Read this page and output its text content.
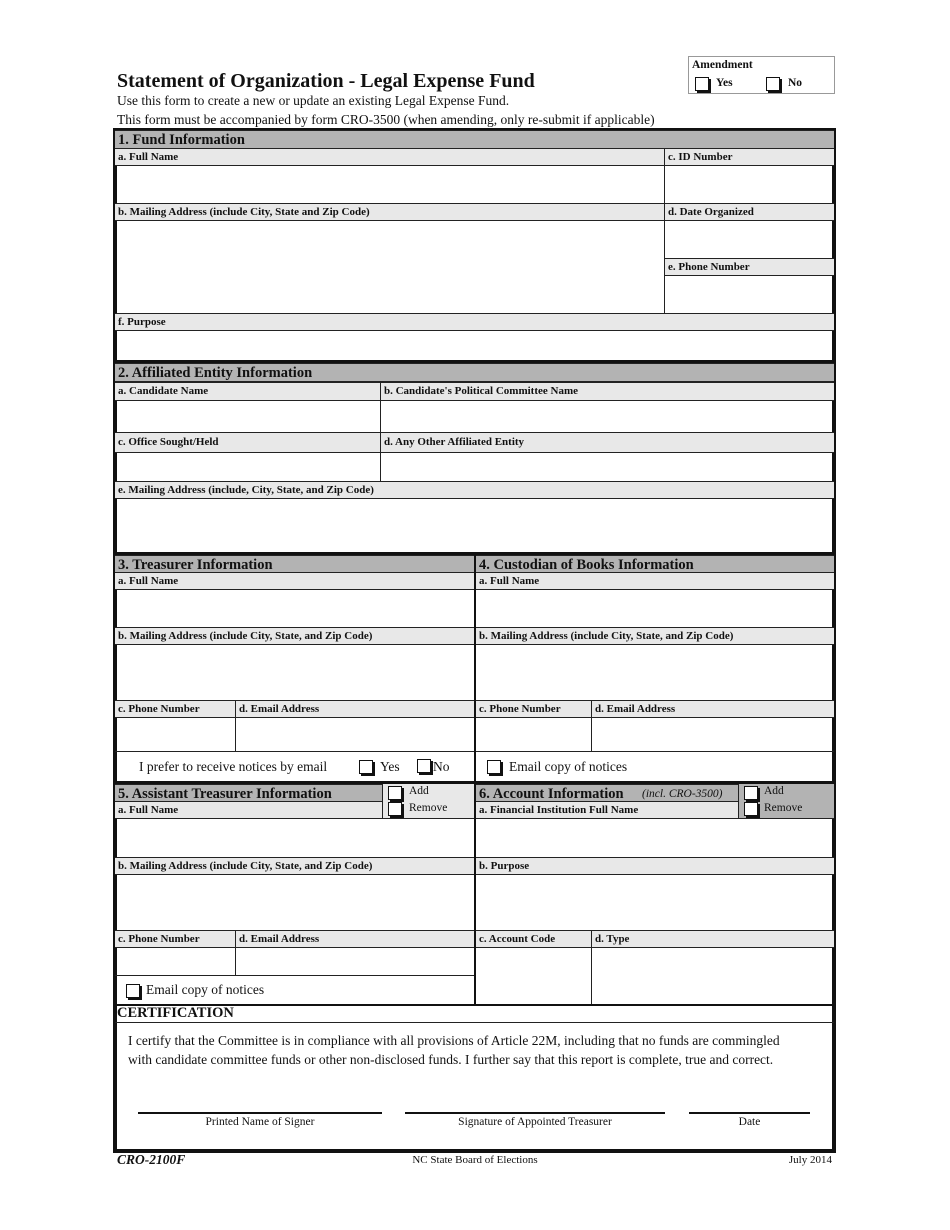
Statement of Organization - Legal Expense Fund
Use this form to create a new or update an existing Legal Expense Fund.
This form must be accompanied by form CRO-3500 (when amending, only re-submit if applicable)
Amendment
Yes	No
1. Fund Information
a. Full Name	c. ID Number
b. Mailing Address (include City, State and Zip Code)	d. Date Organized
e. Phone Number
f. Purpose
2. Affiliated Entity Information
a. Candidate Name	b. Candidate's Political Committee Name
c. Office Sought/Held	d. Any Other Affiliated Entity
e. Mailing Address (include, City, State, and Zip Code)
3. Treasurer Information	4. Custodian of Books Information
a. Full Name	a. Full Name
b. Mailing Address (include City, State, and Zip Code)	b. Mailing Address (include City, State, and Zip Code)
c. Phone Number	d. Email Address	c. Phone Number	d. Email Address
I prefer to receive notices by email	Yes No	Email copy of notices
5. Assistant Treasurer Information	Add
Remove
a. Full Name
6. Account Information (incl. CRO-3500)	Add
Remove
a. Financial Institution Full Name
b. Mailing Address (include City, State, and Zip Code)	b. Purpose
c. Phone Number	d. Email Address	c. Account Code	d. Type
Email copy of notices
CERTIFICATION
I certify that the Committee is in compliance with all provisions of Article 22M, including that no funds are commingled
with candidate committee funds or other non-disclosed funds. I further say that this report is complete, true and correct.
Printed Name of Signer	Signature of Appointed Treasurer	Date
CRO-2100F	NC State Board of Elections	July 2014
